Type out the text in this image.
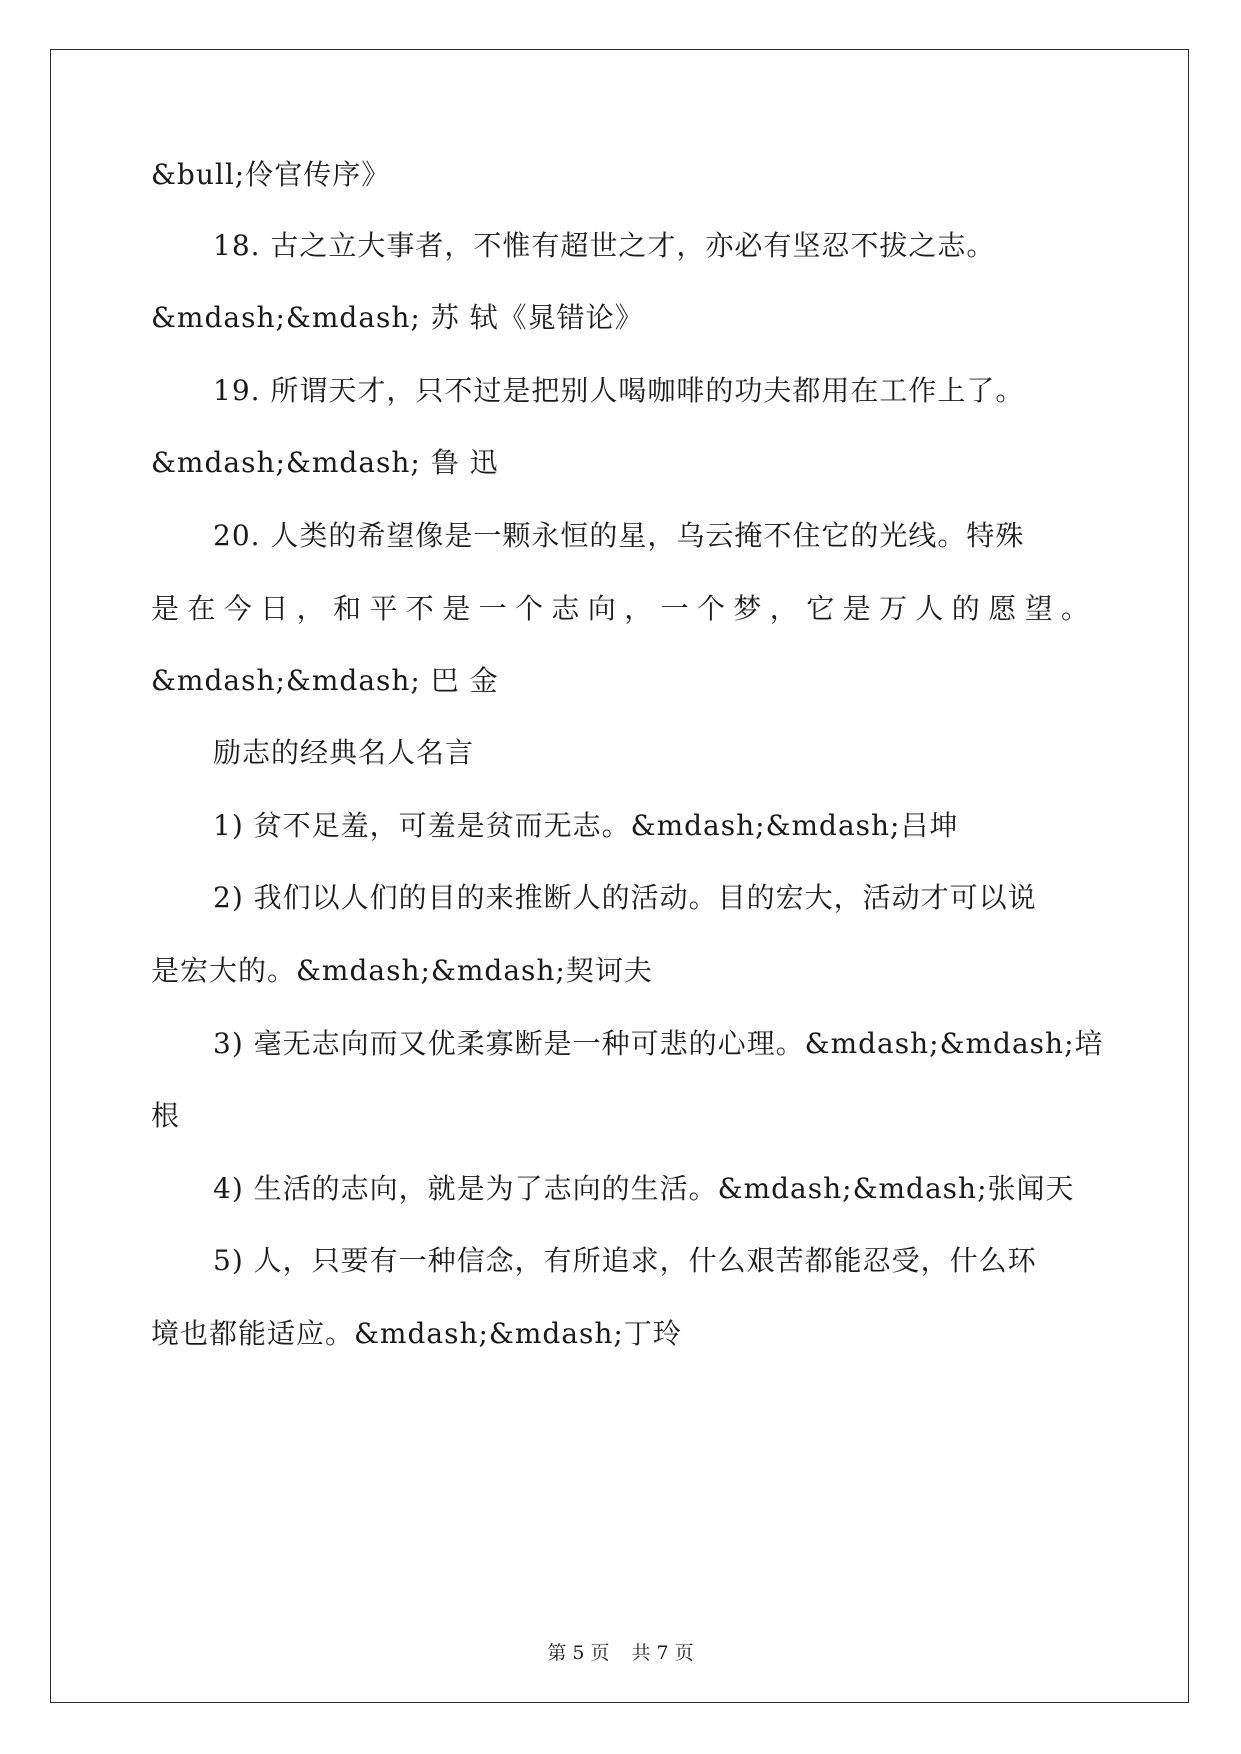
&bull;伶官传序》
18. 古之立大事者，不惟有超世之才，亦必有坚忍不拔之志。
&mdash;&mdash; 苏 轼《晁错论》
19. 所谓天才，只不过是把别人喝咖啡的功夫都用在工作上了。
&mdash;&mdash; 鲁 迅
20. 人类的希望像是一颗永恒的星，乌云掩不住它的光线。特殊
是在今日，和平不是一个志向，一个梦，它是万人的愿望。
&mdash;&mdash; 巴 金
励志的经典名人名言
1) 贫不足羞，可羞是贫而无志。&mdash;&mdash;吕坤
2) 我们以人们的目的来推断人的活动。目的宏大，活动才可以说
是宏大的。&mdash;&mdash;契诃夫
3) 毫无志向而又优柔寡断是一种可悲的心理。&mdash;&mdash;培
根
4) 生活的志向，就是为了志向的生活。&mdash;&mdash;张闻天
5) 人，只要有一种信念，有所追求，什么艰苦都能忍受，什么环
境也都能适应。&mdash;&mdash;丁玲
第 5 页 共 7 页
